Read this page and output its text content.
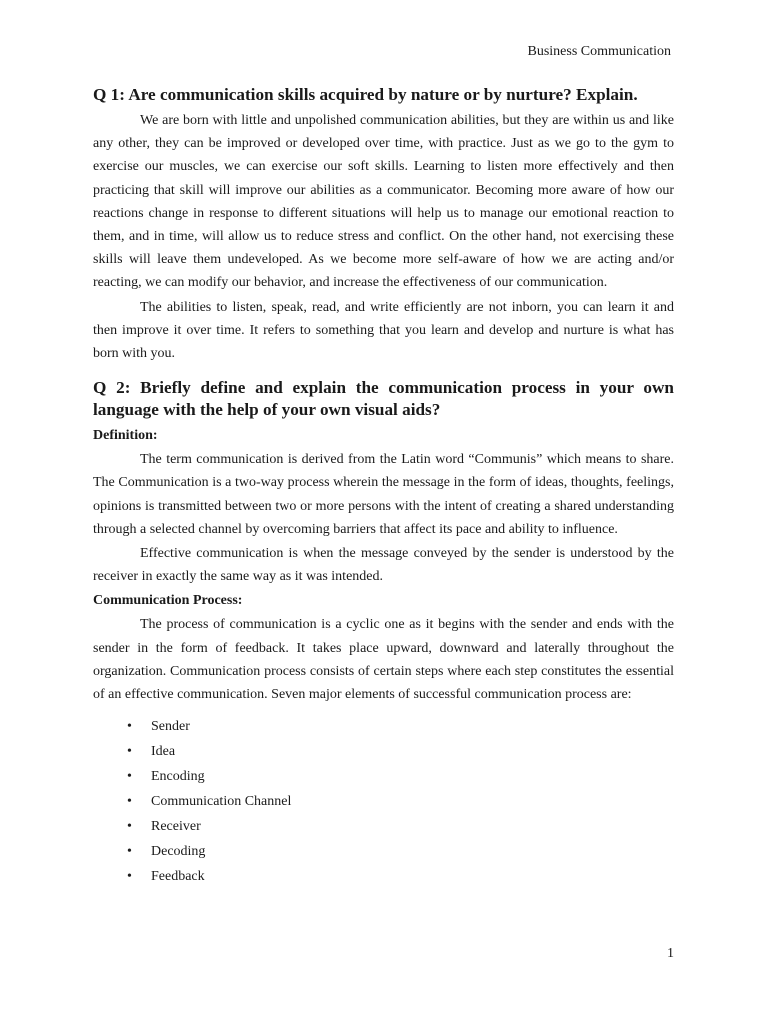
Business Communication
Q 1: Are communication skills acquired by nature or by nurture? Explain.

We are born with little and unpolished communication abilities, but they are within us and like any other, they can be improved or developed over time, with practice. Just as we go to the gym to exercise our muscles, we can exercise our soft skills. Learning to listen more effectively and then practicing that skill will improve our abilities as a communicator. Becoming more aware of how our reactions change in response to different situations will help us to manage our emotional reaction to them, and in time, will allow us to reduce stress and conflict. On the other hand, not exercising these skills will leave them undeveloped. As we become more self-aware of how we are acting and/or reacting, we can modify our behavior, and increase the effectiveness of our communication.

The abilities to listen, speak, read, and write efficiently are not inborn, you can learn it and then improve it over time. It refers to something that you learn and develop and nurture is what has born with you.

Q 2: Briefly define and explain the communication process in your own language with the help of your own visual aids?
Definition:

The term communication is derived from the Latin word “Communis” which means to share. The Communication is a two-way process wherein the message in the form of ideas, thoughts, feelings, opinions is transmitted between two or more persons with the intent of creating a shared understanding through a selected channel by overcoming barriers that affect its pace and ability to influence.

Effective communication is when the message conveyed by the sender is understood by the receiver in exactly the same way as it was intended.

Communication Process:

The process of communication is a cyclic one as it begins with the sender and ends with the sender in the form of feedback. It takes place upward, downward and laterally throughout the organization. Communication process consists of certain steps where each step constitutes the essential of an effective communication. Seven major elements of successful communication process are:

• Sender
• Idea
• Encoding
• Communication Channel
• Receiver
• Decoding
• Feedback
1
